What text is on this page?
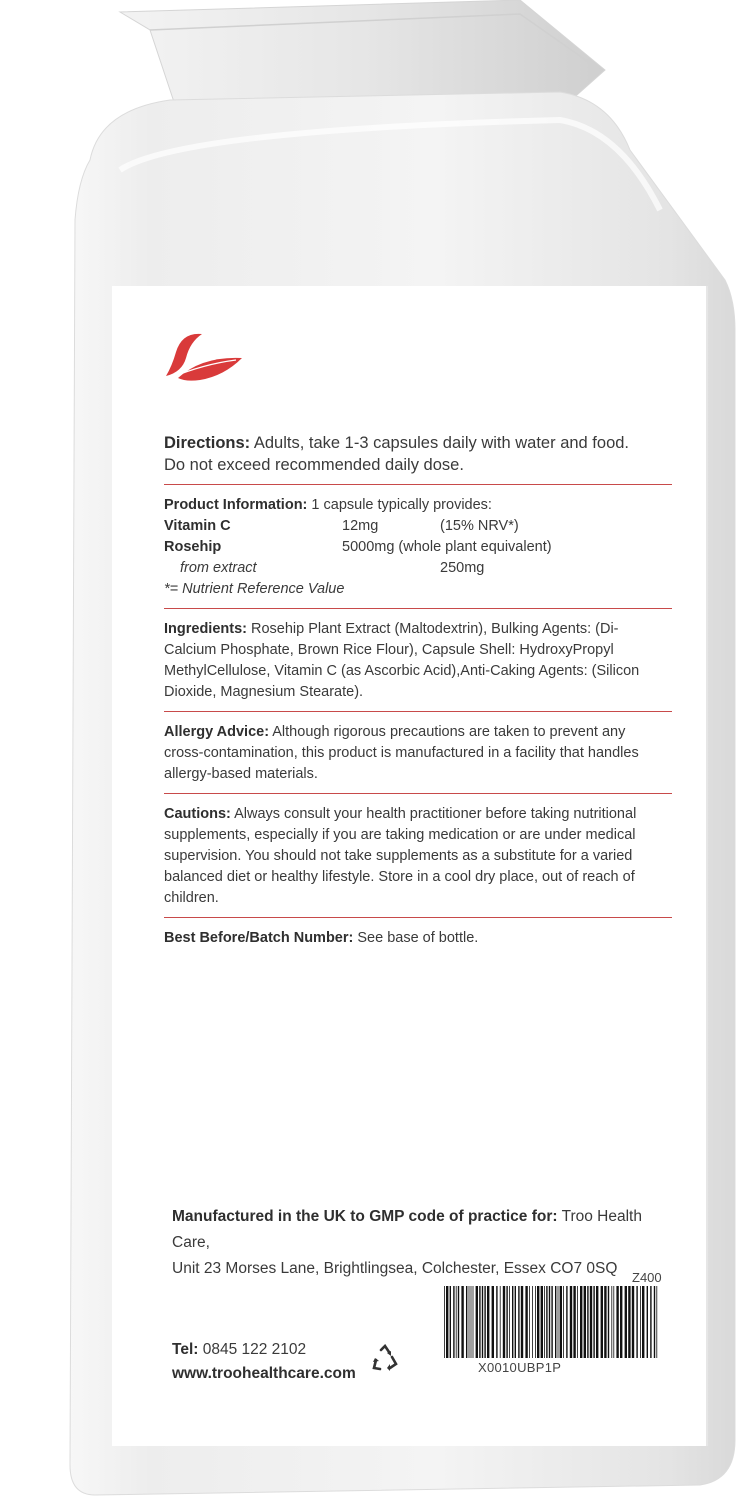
Directions: Adults, take 1-3 capsules daily with water and food.
Do not exceed recommended daily dose.
Product Information: 1 capsule typically provides:
Vitamin C	12mg	(15% NRV*)
Rosehip	5000mg (whole plant equivalent)
from extract	250mg
*= Nutrient Reference Value
Ingredients: Rosehip Plant Extract (Maltodextrin), Bulking Agents: (Di-Calcium Phosphate, Brown Rice Flour), Capsule Shell: HydroxyPropyl MethylCellulose, Vitamin C (as Ascorbic Acid),Anti-Caking Agents: (Silicon Dioxide, Magnesium Stearate).
Allergy Advice: Although rigorous precautions are taken to prevent any cross-contamination, this product is manufactured in a facility that handles allergy-based materials.
Cautions: Always consult your health practitioner before taking nutritional supplements, especially if you are taking medication or are under medical supervision. You should not take supplements as a substitute for a varied balanced diet or healthy lifestyle. Store in a cool dry place, out of reach of children.
Best Before/Batch Number: See base of bottle.
Manufactured in the UK to GMP code of practice for: Troo Health Care,
Unit 23 Morses Lane, Brightlingsea, Colchester, Essex CO7 0SQ
Z400
X0010UBP1P
Tel: 0845 122 2102
www.troohealthcare.com
